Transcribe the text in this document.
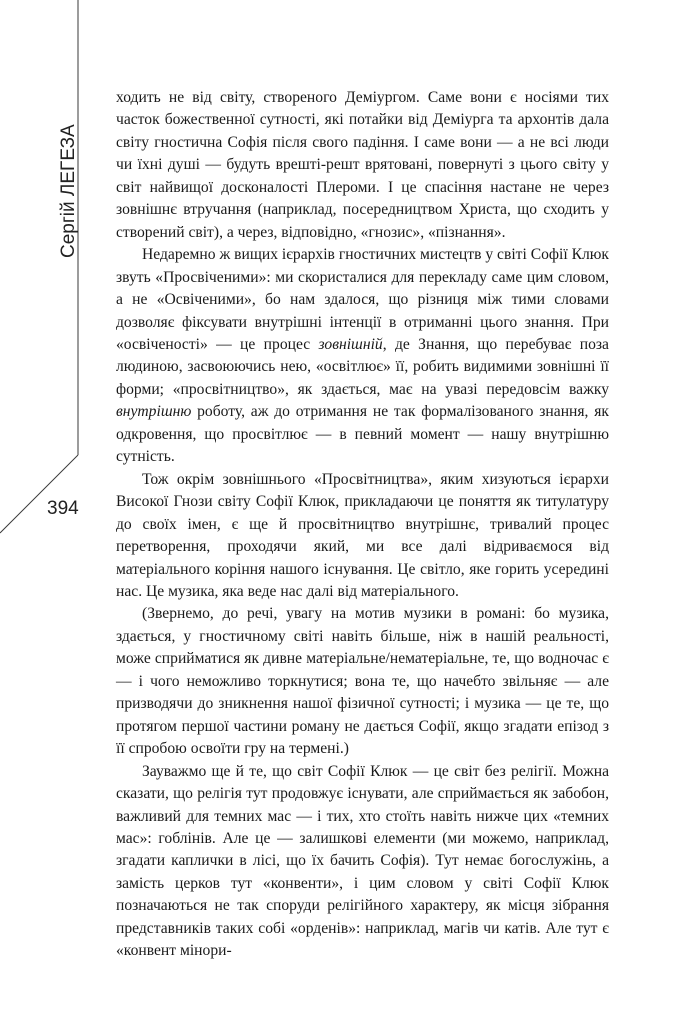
Сергій ЛЕГЕЗА
394

ходить не від світу, створеного Деміургом. Саме вони є носіями тих часток божественної сутності, які потайки від Деміурга та архонтів дала світу гностична Софія після свого падіння. І саме вони — а не всі люди чи їхні душі — будуть врешті-решт врятовані, повернуті з цього світу у світ найвищої досконалості Плероми. І це спасіння настане не через зовнішнє втручання (наприклад, посередництвом Христа, що сходить у створений світ), а через, відповідно, «гнозис», «пізнання».

Недаремно ж вищих ієрархів гностичних мистецтв у світі Софії Клюк звуть «Просвіченими»: ми скористалися для перекладу саме цим словом, а не «Освіченими», бо нам здалося, що різниця між тими словами дозволяє фіксувати внутрішні інтенції в отриманні цього знання. При «освіченості» — це процес зовнішній, де Знання, що перебуває поза людиною, засвоюючись нею, «освітлює» її, робить видимими зовнішні її форми; «просвітництво», як здається, має на увазі передовсім важку внутрішню роботу, аж до отримання не так формалізованого знання, як одкровення, що просвітлює — в певний момент — нашу внутрішню сутність.

Тож окрім зовнішнього «Просвітництва», яким хизуються ієрархи Високої Гнози світу Софії Клюк, прикладаючи це поняття як титулатуру до своїх імен, є ще й просвітництво внутрішнє, тривалий процес перетворення, проходячи який, ми все далі відриваємося від матеріального коріння нашого існування. Це світло, яке горить усередині нас. Це музика, яка веде нас далі від матеріального.

(Звернемо, до речі, увагу на мотив музики в романі: бо музика, здається, у гностичному світі навіть більше, ніж в нашій реальності, може сприйматися як дивне матеріальне/нематеріальне, те, що водночас є — і чого неможливо торкнутися; вона те, що начебто звільняє — але призводячи до зникнення нашої фізичної сутності; і музика — це те, що протягом першої частини роману не дається Софії, якщо згадати епізод з її спробою освоїти гру на термені.)

Зауважмо ще й те, що світ Софії Клюк — це світ без релігії. Можна сказати, що релігія тут продовжує існувати, але сприймається як забобон, важливий для темних мас — і тих, хто стоїть навіть нижче цих «темних мас»: гоблінів. Але це — залишкові елементи (ми можемо, наприклад, згадати каплички в лісі, що їх бачить Софія). Тут немає богослужінь, а замість церков тут «конвенти», і цим словом у світі Софії Клюк позначаються не так споруди релігійного характеру, як місця зібрання представників таких собі «орденів»: наприклад, магів чи катів. Але тут є «конвент мінори-
